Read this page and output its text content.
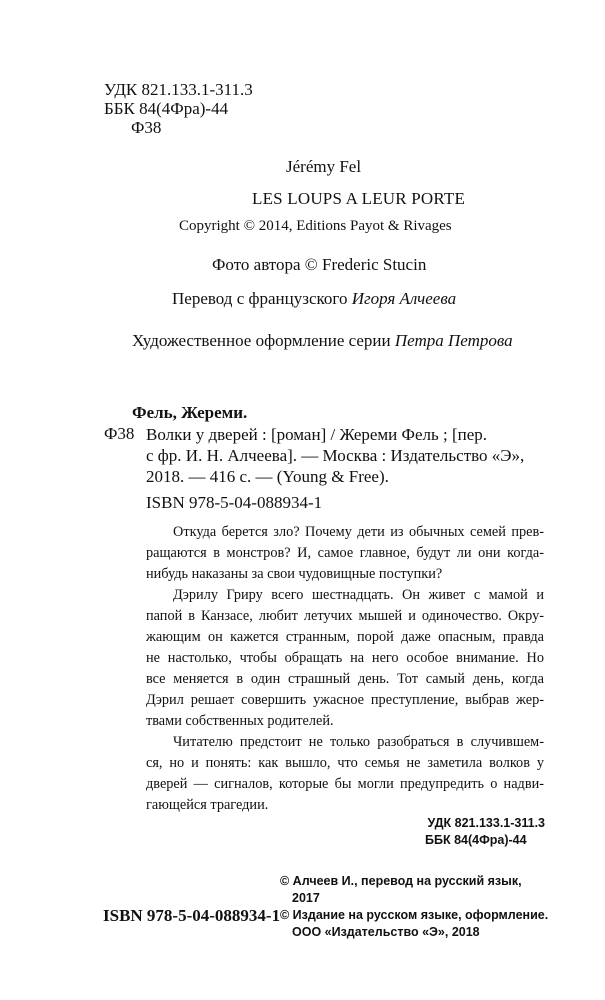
УДК 821.133.1-311.3
ББК 84(4Фра)-44
Ф38
Jérémy Fel
LES LOUPS A LEUR PORTE
Copyright © 2014, Editions Payot & Rivages
Фото автора © Frederic Stucin
Перевод с французского Игоря Алчеева
Художественное оформление серии Петра Петрова
Фель, Жереми.
Ф38 Волки у дверей : [роман] / Жереми Фель ; [пер.
с фр. И. Н. Алчеева]. — Москва : Издательство «Э»,
2018. — 416 с. — (Young & Free).
ISBN 978-5-04-088934-1
Откуда берется зло? Почему дети из обычных семей прев-
ращаются в монстров? И, самое главное, будут ли они когда-
нибудь наказаны за свои чудовищные поступки?
Дэрилу Гриру всего шестнадцать. Он живет с мамой и
папой в Канзасе, любит летучих мышей и одиночество. Окру-
жающим он кажется странным, порой даже опасным, правда
не настолько, чтобы обращать на него особое внимание. Но
все меняется в один страшный день. Тот самый день, когда
Дэрил решает совершить ужасное преступление, выбрав жер-
твами собственных родителей.
Читателю предстоит не только разобраться в случившем-
ся, но и понять: как вышло, что семья не заметила волков у
дверей — сигналов, которые бы могли предупредить о надви-
гающейся трагедии.
УДК 821.133.1-311.3
ББК 84(4Фра)-44
ISBN 978-5-04-088934-1
© Алчеев И., перевод на русский язык,
2017
© Издание на русском языке, оформление.
ООО «Издательство «Э», 2018
